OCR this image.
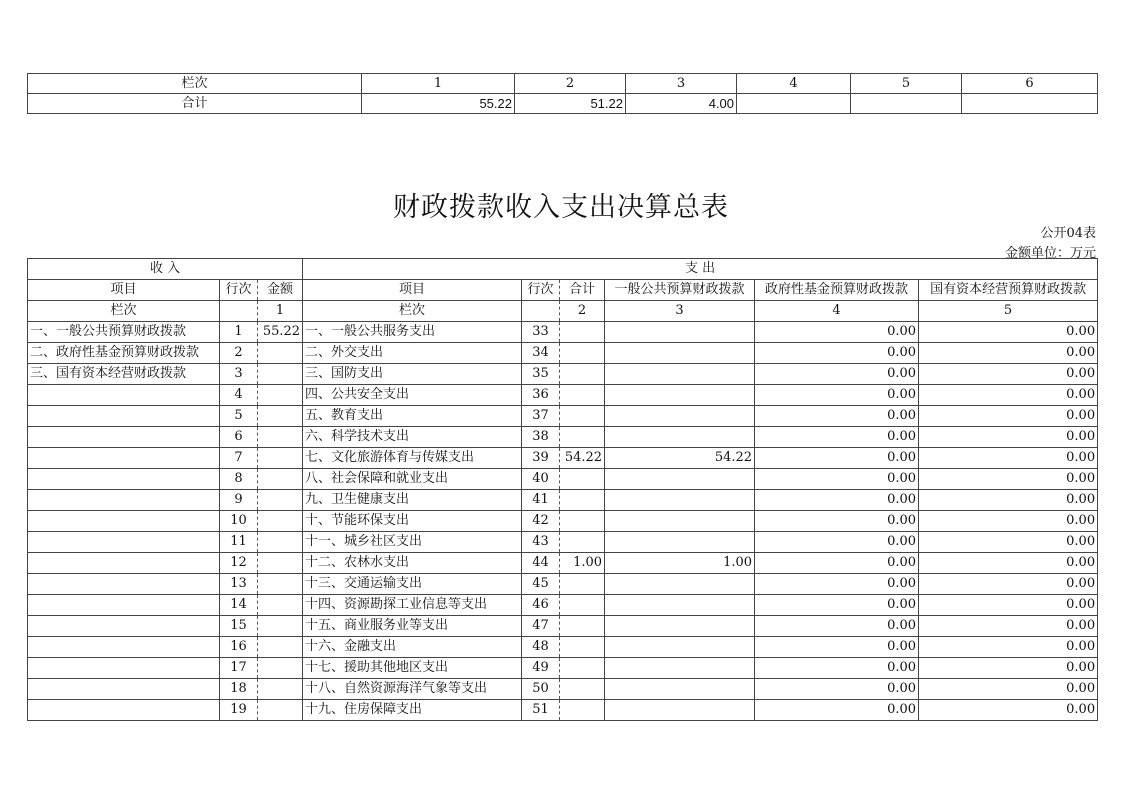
栏次	1	2	3	4	5	6
合计	55.22	51.22	4.00			
财政拨款收入支出决算总表
公开04表
金额单位：万元
收 入			支 出					
项目	行次	金额	项目	行次	合计	一般公共预算财政拨款	政府性基金预算财政拨款	国有资本经营预算财政拨款
栏次		1	栏次		2	3	4	5
一、一般公共预算财政拨款	1	55.22	一、一般公共服务支出	33			0.00	0.00
二、政府性基金预算财政拨款	2		二、外交支出	34			0.00	0.00
三、国有资本经营财政拨款	3		三、国防支出	35			0.00	0.00
	4		四、公共安全支出	36			0.00	0.00
	5		五、教育支出	37			0.00	0.00
	6		六、科学技术支出	38			0.00	0.00
	7		七、文化旅游体育与传媒支出	39	54.22	54.22	0.00	0.00
	8		八、社会保障和就业支出	40			0.00	0.00
	9		九、卫生健康支出	41			0.00	0.00
	10		十、节能环保支出	42			0.00	0.00
	11		十一、城乡社区支出	43			0.00	0.00
	12		十二、农林水支出	44	1.00	1.00	0.00	0.00
	13		十三、交通运输支出	45			0.00	0.00
	14		十四、资源勘探工业信息等支出	46			0.00	0.00
	15		十五、商业服务业等支出	47			0.00	0.00
	16		十六、金融支出	48			0.00	0.00
	17		十七、援助其他地区支出	49			0.00	0.00
	18		十八、自然资源海洋气象等支出	50			0.00	0.00
	19		十九、住房保障支出	51			0.00	0.00
